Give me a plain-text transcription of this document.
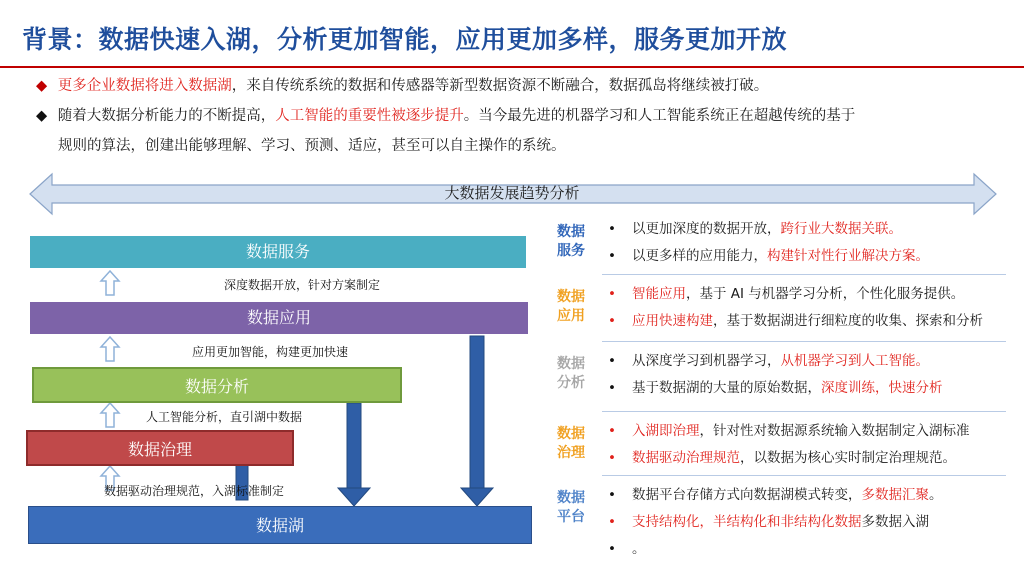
背景：数据快速入湖，分析更加智能，应用更加多样，服务更加开放
◆ 更多企业数据将进入数据湖，来自传统系统的数据和传感器等新型数据资源不断融合，数据孤岛将继续被打破。
◆ 随着大数据分析能力的不断提高，人工智能的重要性被逐步提升。当今最先进的机器学习和人工智能系统正在超越传统的基于
规则的算法，创建出能够理解、学习、预测、适应，甚至可以自主操作的系统。
大数据发展趋势分析
数据服务
深度数据开放，针对方案制定
数据应用
应用更加智能，构建更加快速
数据分析
人工智能分析，直引湖中数据
数据治理
数据驱动治理规范，入湖标准制定
数据湖
数据
服务
• 以更加深度的数据开放，跨行业大数据关联。
• 以更多样的应用能力，构建针对性行业解决方案。
数据
应用
• 智能应用，基于 AI 与机器学习分析，个性化服务提供。
• 应用快速构建，基于数据湖进行细粒度的收集、探索和分析
数据
分析
• 从深度学习到机器学习，从机器学习到人工智能。
• 基于数据湖的大量的原始数据，深度训练，快速分析
数据
治理
• 入湖即治理，针对性对数据源系统输入数据制定入湖标准
• 数据驱动治理规范，以数据为核心实时制定治理规范。
数据
平台
• 数据平台存储方式向数据湖模式转变，多数据汇聚。
• 支持结构化，半结构化和非结构化数据多数据入湖
• 。
